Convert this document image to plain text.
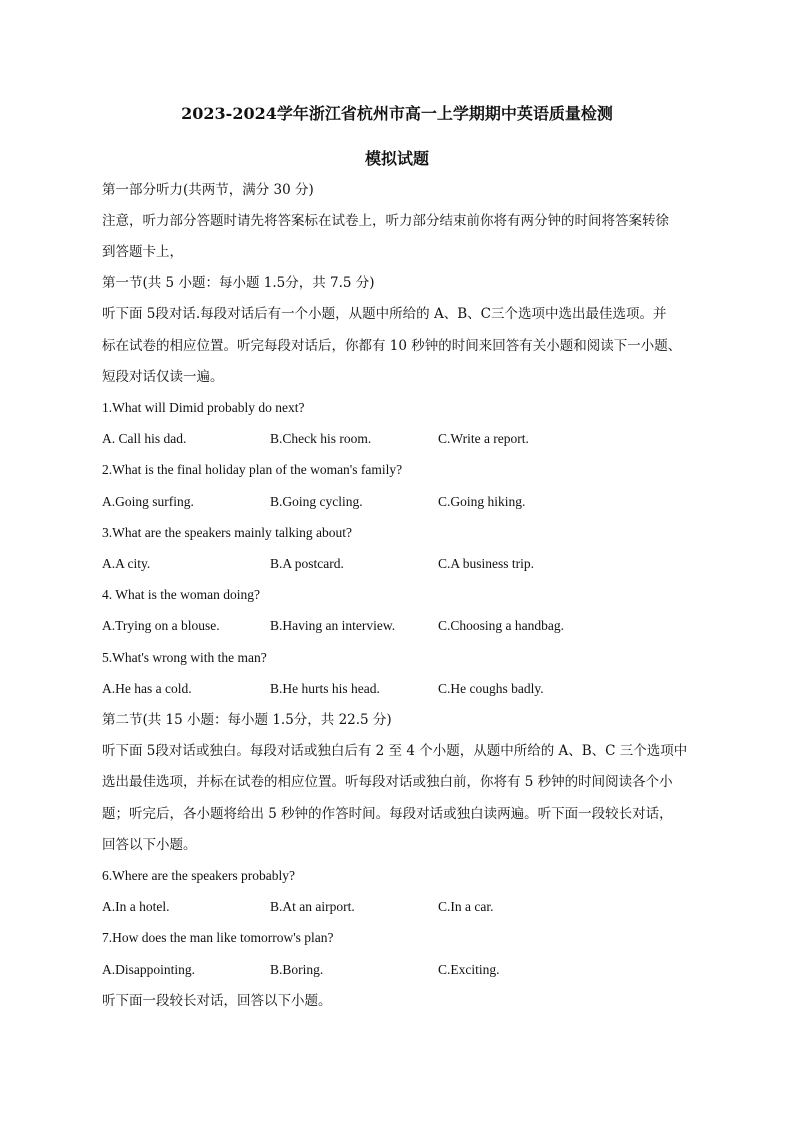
2023-2024学年浙江省杭州市高一上学期期中英语质量检测
模拟试题
第一部分听力(共两节，满分 30 分)
注意，听力部分答题时请先将答案标在试卷上，听力部分结束前你将有两分钟的时间将答案转徐
到答题卡上，
第一节(共 5 小题：每小题 1.5分，共 7.5 分)
听下面 5段对话.每段对话后有一个小题，从题中所给的 A、B、C三个选项中选出最佳选项。并
标在试卷的相应位置。听完每段对话后，你都有 10 秒钟的时间来回答有关小题和阅读下一小题、
短段对话仅读一遍。
1.What will Dimid probably do next?
A. Call his dad.	B.Check his room.	C.Write a report.
2.What is the final holiday plan of the woman's family?
A.Going surfing.	B.Going cycling.	C.Going hiking.
3.What are the speakers mainly talking about?
A.A city.	B.A postcard.	C.A business trip.
4. What is the woman doing?
A.Trying on a blouse.	B.Having an interview.	C.Choosing a handbag.
5.What's wrong with the man?
A.He has a cold.	B.He hurts his head.	C.He coughs badly.
第二节(共 15 小题：每小题 1.5分，共 22.5 分)
听下面 5段对话或独白。每段对话或独白后有 2 至 4 个小题，从题中所给的 A、B、C 三个选项中
选出最佳选项，并标在试卷的相应位置。听每段对话或独白前，你将有 5 秒钟的时间阅读各个小
题；听完后，各小题将给出 5 秒钟的作答时间。每段对话或独白读两遍。听下面一段较长对话，
回答以下小题。
6.Where are the speakers probably?
A.In a hotel.	B.At an airport.	C.In a car.
7.How does the man like tomorrow's plan?
A.Disappointing.	B.Boring.	C.Exciting.
听下面一段较长对话，回答以下小题。
